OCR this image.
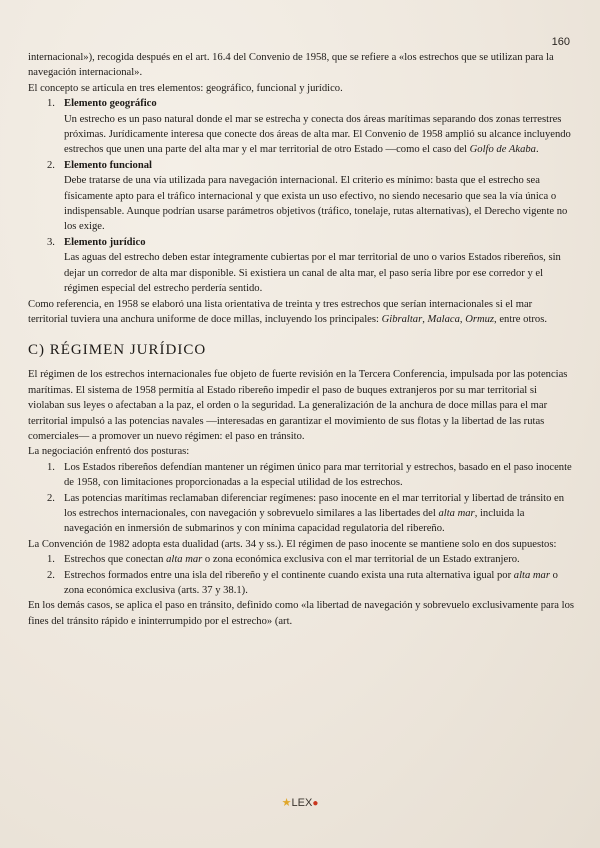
160

internacional»), recogida después en el art. 16.4 del Convenio de 1958, que se refiere a «los estrechos que se utilizan para la navegación internacional».

El concepto se articula en tres elementos: geográfico, funcional y jurídico.

1. Elemento geográfico
Un estrecho es un paso natural donde el mar se estrecha y conecta dos áreas marítimas separando dos zonas terrestres próximas. Jurídicamente interesa que conecte dos áreas de alta mar. El Convenio de 1958 amplió su alcance incluyendo estrechos que unen una parte del alta mar y el mar territorial de otro Estado —como el caso del Golfo de Akaba.
2. Elemento funcional
Debe tratarse de una vía utilizada para navegación internacional. El criterio es mínimo: basta que el estrecho sea físicamente apto para el tráfico internacional y que exista un uso efectivo, no siendo necesario que sea la vía única o indispensable. Aunque podrían usarse parámetros objetivos (tráfico, tonelaje, rutas alternativas), el Derecho vigente no los exige.
3. Elemento jurídico
Las aguas del estrecho deben estar íntegramente cubiertas por el mar territorial de uno o varios Estados ribereños, sin dejar un corredor de alta mar disponible. Si existiera un canal de alta mar, el paso sería libre por ese corredor y el régimen especial del estrecho perdería sentido.

Como referencia, en 1958 se elaboró una lista orientativa de treinta y tres estrechos que serían internacionales si el mar territorial tuviera una anchura uniforme de doce millas, incluyendo los principales: Gibraltar, Malaca, Ormuz, entre otros.

C) RÉGIMEN JURÍDICO

El régimen de los estrechos internacionales fue objeto de fuerte revisión en la Tercera Conferencia, impulsada por las potencias marítimas. El sistema de 1958 permitía al Estado ribereño impedir el paso de buques extranjeros por su mar territorial si violaban sus leyes o afectaban a la paz, el orden o la seguridad. La generalización de la anchura de doce millas para el mar territorial impulsó a las potencias navales —interesadas en garantizar el movimiento de sus flotas y la libertad de las rutas comerciales— a promover un nuevo régimen: el paso en tránsito.

La negociación enfrentó dos posturas:

1. Los Estados ribereños defendían mantener un régimen único para mar territorial y estrechos, basado en el paso inocente de 1958, con limitaciones proporcionadas a la especial utilidad de los estrechos.
2. Las potencias marítimas reclamaban diferenciar regímenes: paso inocente en el mar territorial y libertad de tránsito en los estrechos internacionales, con navegación y sobrevuelo similares a las libertades del alta mar, incluida la navegación en inmersión de submarinos y con mínima capacidad regulatoria del ribereño.

La Convención de 1982 adopta esta dualidad (arts. 34 y ss.). El régimen de paso inocente se mantiene solo en dos supuestos:

1. Estrechos que conectan alta mar o zona económica exclusiva con el mar territorial de un Estado extranjero.
2. Estrechos formados entre una isla del ribereño y el continente cuando exista una ruta alternativa igual por alta mar o zona económica exclusiva (arts. 37 y 38.1).

En los demás casos, se aplica el paso en tránsito, definido como «la libertad de navegación y sobrevuelo exclusivamente para los fines del tránsito rápido e ininterrumpido por el estrecho» (art.

★LEX●
